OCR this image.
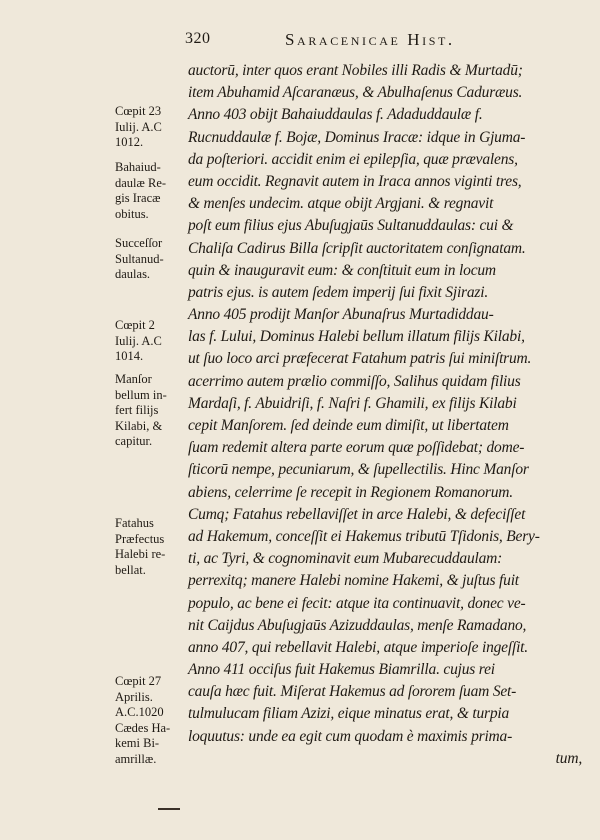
320	Saracenicae Hist.
Cœpit 23
Iulij. A.C
1012.
Bahaiud-
daulæ Re-
gis Iracæ
obitus.
Succeſſor
Sultanud-
daulas.
Cœpit 2
Iulij. A.C
1014.
Manſor
bellum in-
fert filijs
Kilabi, &
capitur.
Fatahus
Præfectus
Halebi re-
bellat.
Cœpit 27
Aprilis.
A.C.1020
Cædes Ha-
kemi Bi-
amrillæ.
auctorū, inter quos erant Nobiles illi Radis & Murtadū;
item Abuhamid Aſcaranæus, & Abulhaſenus Caduræus.
Anno 403 obijt Bahaiuddaulas f. Adaduddaulæ f.
Rucnuddaulæ f. Bojæ, Dominus Iracæ: idque in Gjuma-
da poſteriori. accidit enim ei epilepſia, quæ prævalens,
eum occidit. Regnavit autem in Iraca annos viginti tres,
& menſes undecim. atque obijt Argjani. & regnavit
poſt eum filius ejus Abuſugjaūs Sultanuddaulas: cui &
Chaliſa Cadirus Billa ſcripſit auctoritatem conſignatam.
quin & inauguravit eum: & conſtituit eum in locum
patris ejus. is autem ſedem imperij ſui fixit Sjirazi.
Anno 405 prodijt Manſor Abunaſrus Murtadiddau-
las f. Lului, Dominus Halebi bellum illatum filijs Kilabi,
ut ſuo loco arci præfecerat Fatahum patris ſui miniſtrum.
acerrimo autem prælio commiſſo, Salihus quidam filius
Mardaſi, f. Abuidriſi, f. Naſri f. Ghamili, ex filijs Kilabi
cepit Manſorem. ſed deinde eum dimiſit, ut libertatem
ſuam redemit altera parte eorum quæ poſſidebat; dome-
ſticorū nempe, pecuniarum, & ſupellectilis. Hinc Manſor
abiens, celerrime ſe recepit in Regionem Romanorum.
Cumq; Fatahus rebellaviſſet in arce Halebi, & defeciſſet
ad Hakemum, conceſſit ei Hakemus tributū Tſidonis, Bery-
ti, ac Tyri, & cognominavit eum Mubarecuddaulam:
perrexitq; manere Halebi nomine Hakemi, & juſtus fuit
populo, ac bene ei fecit: atque ita continuavit, donec ve-
nit Caijdus Abuſugjaūs Azizuddaulas, menſe Ramadano,
anno 407, qui rebellavit Halebi, atque imperioſe ingeſſit.
Anno 411 occiſus fuit Hakemus Biamrilla. cujus rei
cauſa hæc fuit. Miſerat Hakemus ad ſororem ſuam Set-
tulmulucam filiam Azizi, eique minatus erat, & turpia
loquutus: unde ea egit cum quodam è maximis prima-
tum,
